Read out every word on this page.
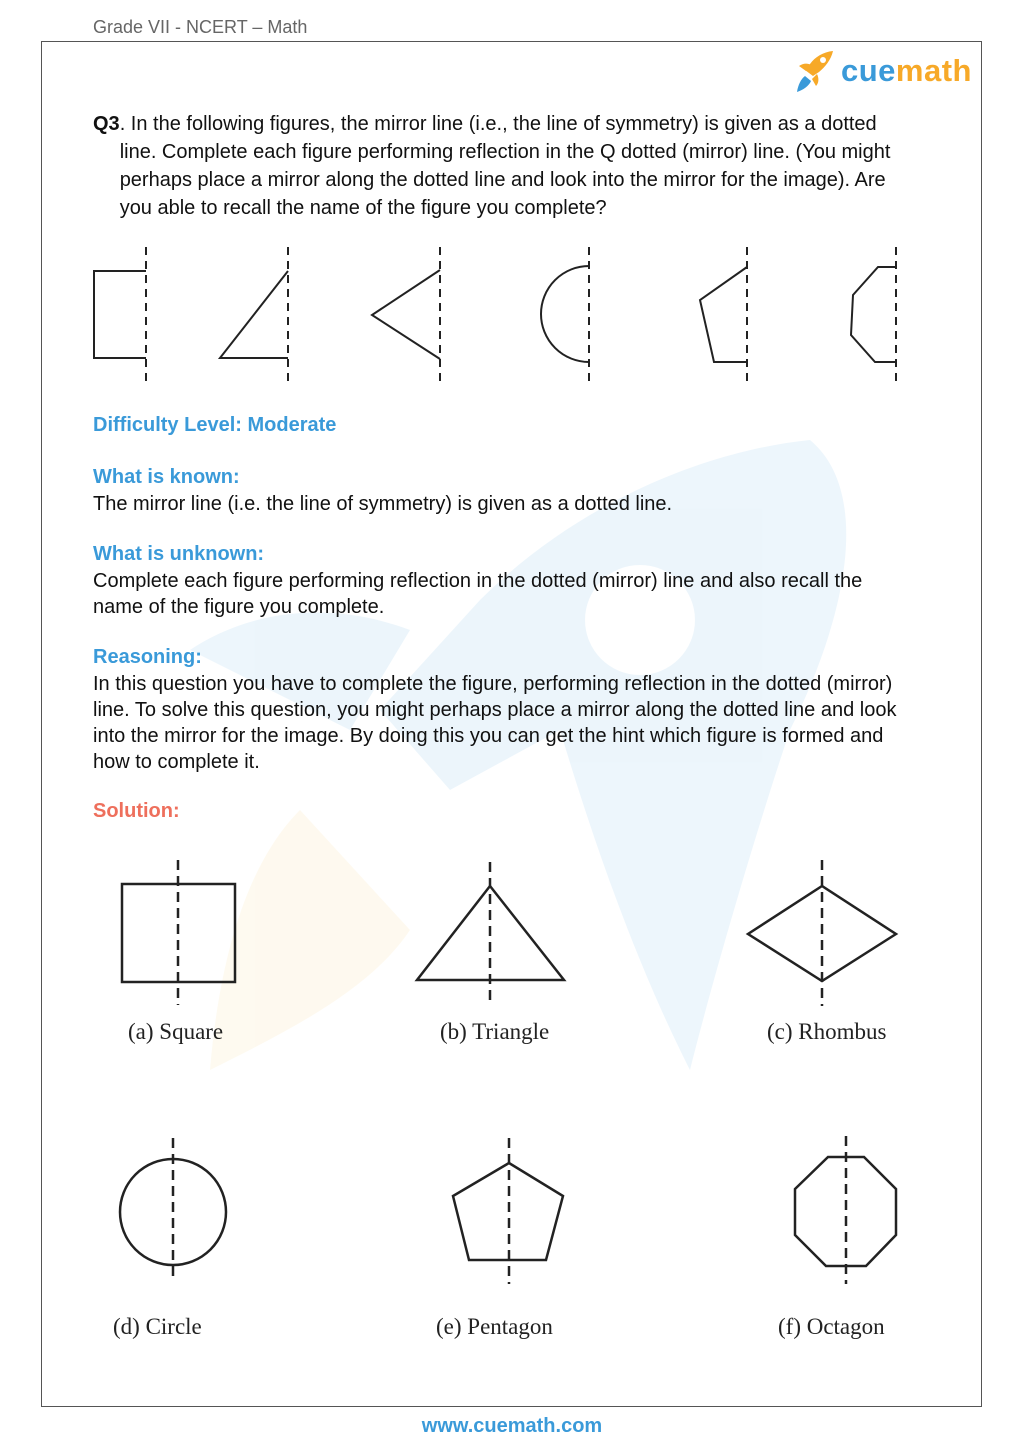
Grade VII - NCERT – Math
cuemath
Q3 . In the following figures, the mirror line (i.e., the line of symmetry) is given as a dotted line. Complete each figure performing reflection in the Q dotted (mirror) line. (You might perhaps place a mirror along the dotted line and look into the mirror for the image). Are you able to recall the name of the figure you complete?
Difficulty Level: Moderate
What is known:
The mirror line (i.e. the line of symmetry) is given as a dotted line.
What is unknown:
Complete each figure performing reflection in the dotted (mirror) line and also recall the name of the figure you complete.
Reasoning:
In this question you have to complete the figure, performing reflection in the dotted (mirror) line. To solve this question, you might perhaps place a mirror along the dotted line and look into the mirror for the image. By doing this you can get the hint which figure is formed and how to complete it.
Solution:
(a) Square	(b) Triangle	(c) Rhombus
(d) Circle	(e) Pentagon	(f) Octagon
www.cuemath.com
